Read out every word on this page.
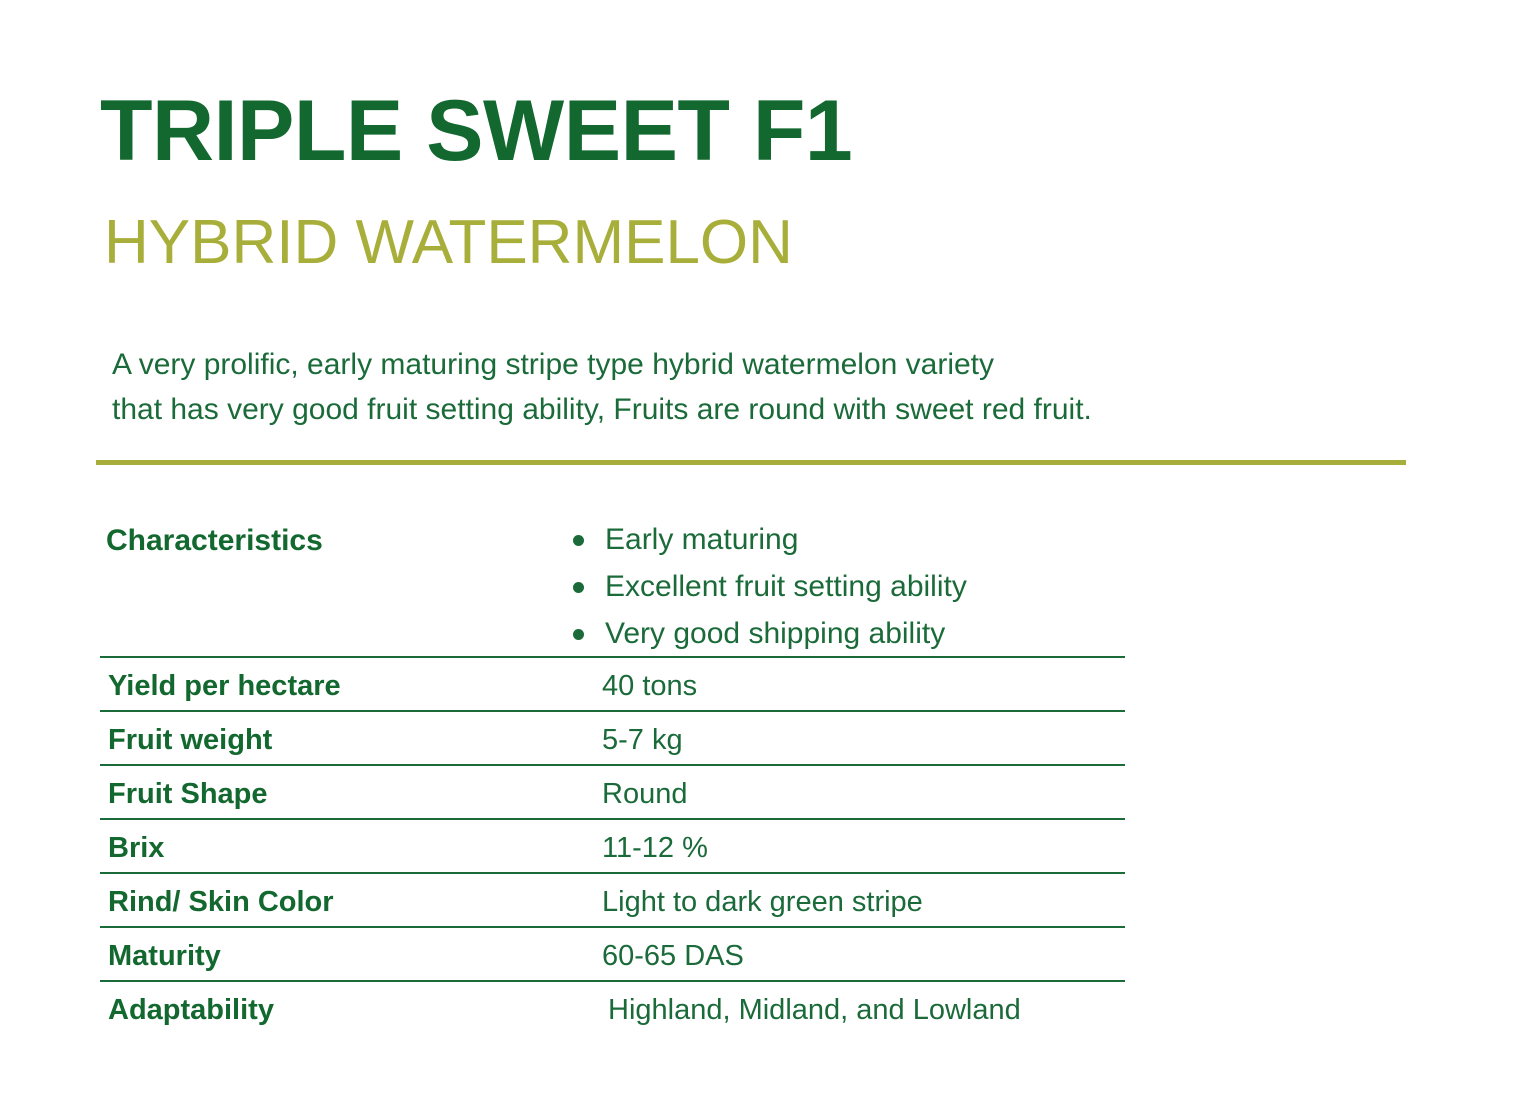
TRIPLE SWEET F1
HYBRID WATERMELON
A very prolific, early maturing stripe type hybrid watermelon variety
that has very good fruit setting ability, Fruits are round with sweet red fruit.
Characteristics	Early maturing
Excellent fruit setting ability
Very good shipping ability
Yield per hectare	40 tons
Fruit weight	5-7 kg
Fruit Shape	Round
Brix	11-12 %
Rind/ Skin Color	Light to dark green stripe
Maturity	60-65 DAS
Adaptability	Highland, Midland, and Lowland
